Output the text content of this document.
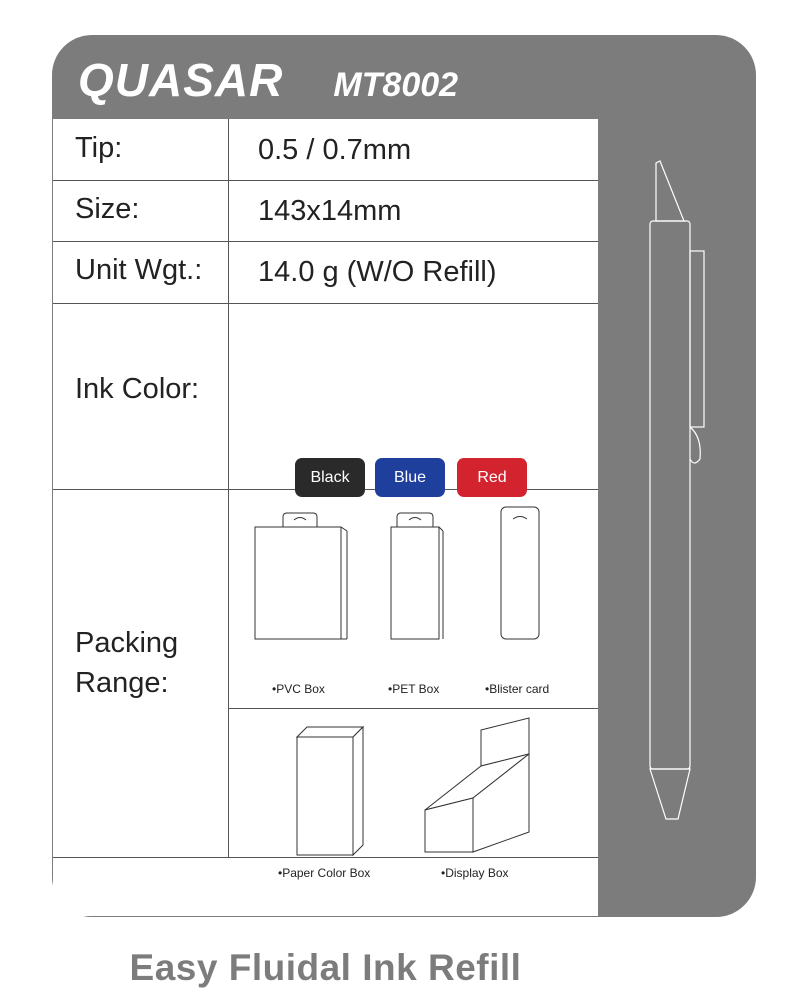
QUASAR MT8002
Tip:	0.5 / 0.7mm
Size:	143x14mm
Unit Wgt.: 14.0 g (W/O Refill)
Ink Color:
Black	Blue	Red
Packing
Range:	•PVC Box	•PET Box	•Blister card
•Paper Color Box	•Display Box
Easy Fluidal Ink Refill
